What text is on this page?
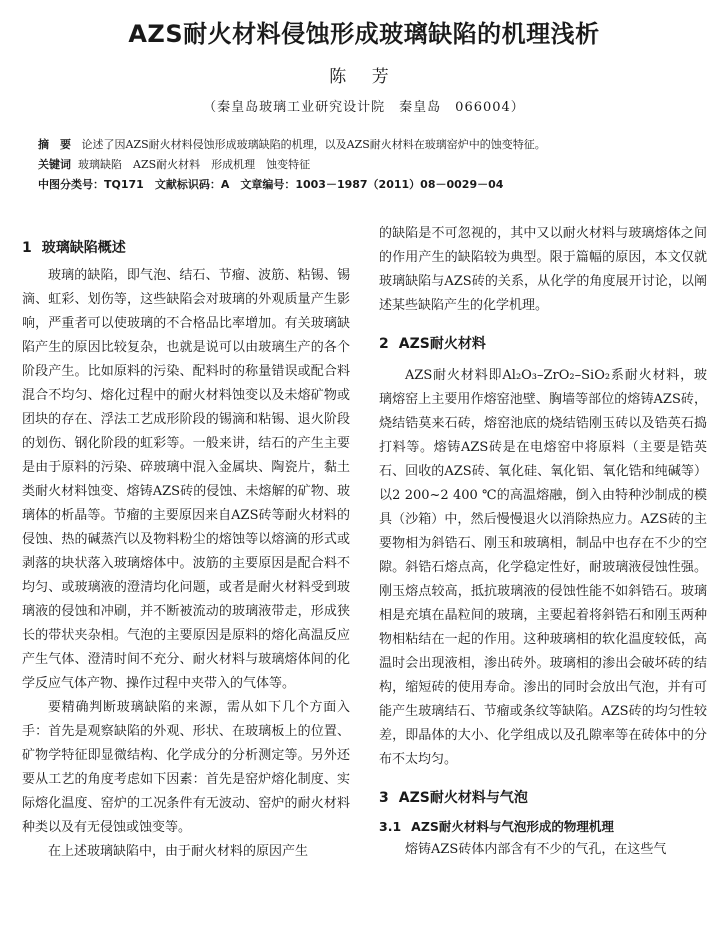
AZS耐火材料侵蚀形成玻璃缺陷的机理浅析
陈 芳
（秦皇岛玻璃工业研究设计院　秦皇岛　066004）
摘　要 论述了因AZS耐火材料侵蚀形成玻璃缺陷的机理，以及AZS耐火材料在玻璃窑炉中的蚀变特征。
关键词 玻璃缺陷　AZS耐火材料　形成机理　蚀变特征
中图分类号：TQ171　文献标识码：A　文章编号：1003－1987（2011）08－0029－04
1 玻璃缺陷概述

玻璃的缺陷，即气泡、结石、节瘤、波筋、粘锡、锡滴、虹彩、划伤等，这些缺陷会对玻璃的外观质量产生影响，严重者可以使玻璃的不合格品比率增加。有关玻璃缺陷产生的原因比较复杂，也就是说可以由玻璃生产的各个阶段产生。比如原料的污染、配料时的称量错误或配合料混合不均匀、熔化过程中的耐火材料蚀变以及未熔矿物或团块的存在、浮法工艺成形阶段的锡滴和粘锡、退火阶段的划伤、钢化阶段的虹彩等。一般来讲，结石的产生主要是由于原料的污染、碎玻璃中混入金属块、陶瓷片，黏土类耐火材料蚀变、熔铸AZS砖的侵蚀、未熔解的矿物、玻璃体的析晶等。节瘤的主要原因来自AZS砖等耐火材料的侵蚀、热的碱蒸汽以及物料粉尘的熔蚀等以熔滴的形式或剥落的块状落入玻璃熔体中。波筋的主要原因是配合料不均匀、或玻璃液的澄清均化问题，或者是耐火材料受到玻璃液的侵蚀和冲刷，并不断被流动的玻璃液带走，形成狭长的带状夹杂相。气泡的主要原因是原料的熔化高温反应产生气体、澄清时间不充分、耐火材料与玻璃熔体间的化学反应气体产物、操作过程中夹带入的气体等。

要精确判断玻璃缺陷的来源，需从如下几个方面入手：首先是观察缺陷的外观、形状、在玻璃板上的位置、矿物学特征即显微结构、化学成分的分析测定等。另外还要从工艺的角度考虑如下因素：首先是窑炉熔化制度、实际熔化温度、窑炉的工况条件有无波动、窑炉的耐火材料种类以及有无侵蚀或蚀变等。

在上述玻璃缺陷中，由于耐火材料的原因产生

的缺陷是不可忽视的，其中又以耐火材料与玻璃熔体之间的作用产生的缺陷较为典型。限于篇幅的原因，本文仅就玻璃缺陷与AZS砖的关系，从化学的角度展开讨论，以阐述某些缺陷产生的化学机理。

2 AZS耐火材料

AZS耐火材料即Al₂O₃–ZrO₂–SiO₂系耐火材料，玻璃熔窑上主要用作熔窑池壁、胸墙等部位的熔铸AZS砖，烧结锆莫来石砖，熔窑池底的烧结锆刚玉砖以及锆英石捣打料等。熔铸AZS砖是在电熔窑中将原料（主要是锆英石、回收的AZS砖、氧化硅、氧化铝、氧化锆和纯碱等）以2 200~2 400 ℃的高温熔融，倒入由特种沙制成的模具（沙箱）中，然后慢慢退火以消除热应力。AZS砖的主要物相为斜锆石、刚玉和玻璃相，制品中也存在不少的空隙。斜锆石熔点高，化学稳定性好，耐玻璃液侵蚀性强。刚玉熔点较高，抵抗玻璃液的侵蚀性能不如斜锆石。玻璃相是充填在晶粒间的玻璃，主要起着将斜锆石和刚玉两种物相粘结在一起的作用。这种玻璃相的软化温度较低，高温时会出现液相，渗出砖外。玻璃相的渗出会破坏砖的结构，缩短砖的使用寿命。渗出的同时会放出气泡，并有可能产生玻璃结石、节瘤或条纹等缺陷。AZS砖的均匀性较差，即晶体的大小、化学组成以及孔隙率等在砖体中的分布不太均匀。

3 AZS耐火材料与气泡
3.1 AZS耐火材料与气泡形成的物理机理

熔铸AZS砖体内部含有不少的气孔，在这些气
